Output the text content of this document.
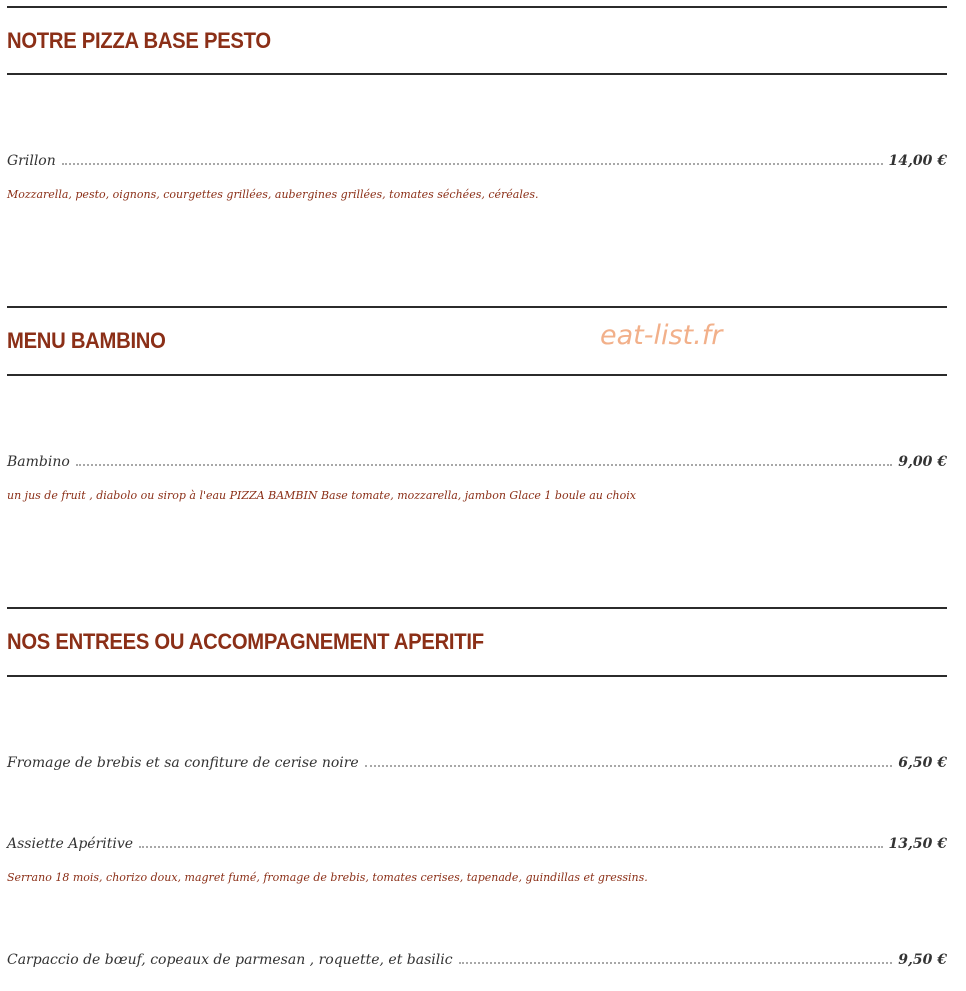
NOTRE PIZZA BASE PESTO
Grillon	14,00 €
Mozzarella, pesto, oignons, courgettes grillées, aubergines grillées, tomates séchées, céréales.
MENU BAMBINO	eat-list.fr
Bambino	9,00 €
un jus de fruit , diabolo ou sirop à l'eau PIZZA BAMBIN Base tomate, mozzarella, jambon Glace 1 boule au choix
NOS ENTREES OU ACCOMPAGNEMENT APERITIF
Fromage de brebis et sa confiture de cerise noire	6,50 €
Assiette Apéritive	13,50 €
Serrano 18 mois, chorizo doux, magret fumé, fromage de brebis, tomates cerises, tapenade, guindillas et gressins.
Carpaccio de bœuf, copeaux de parmesan , roquette, et basilic	9,50 €
